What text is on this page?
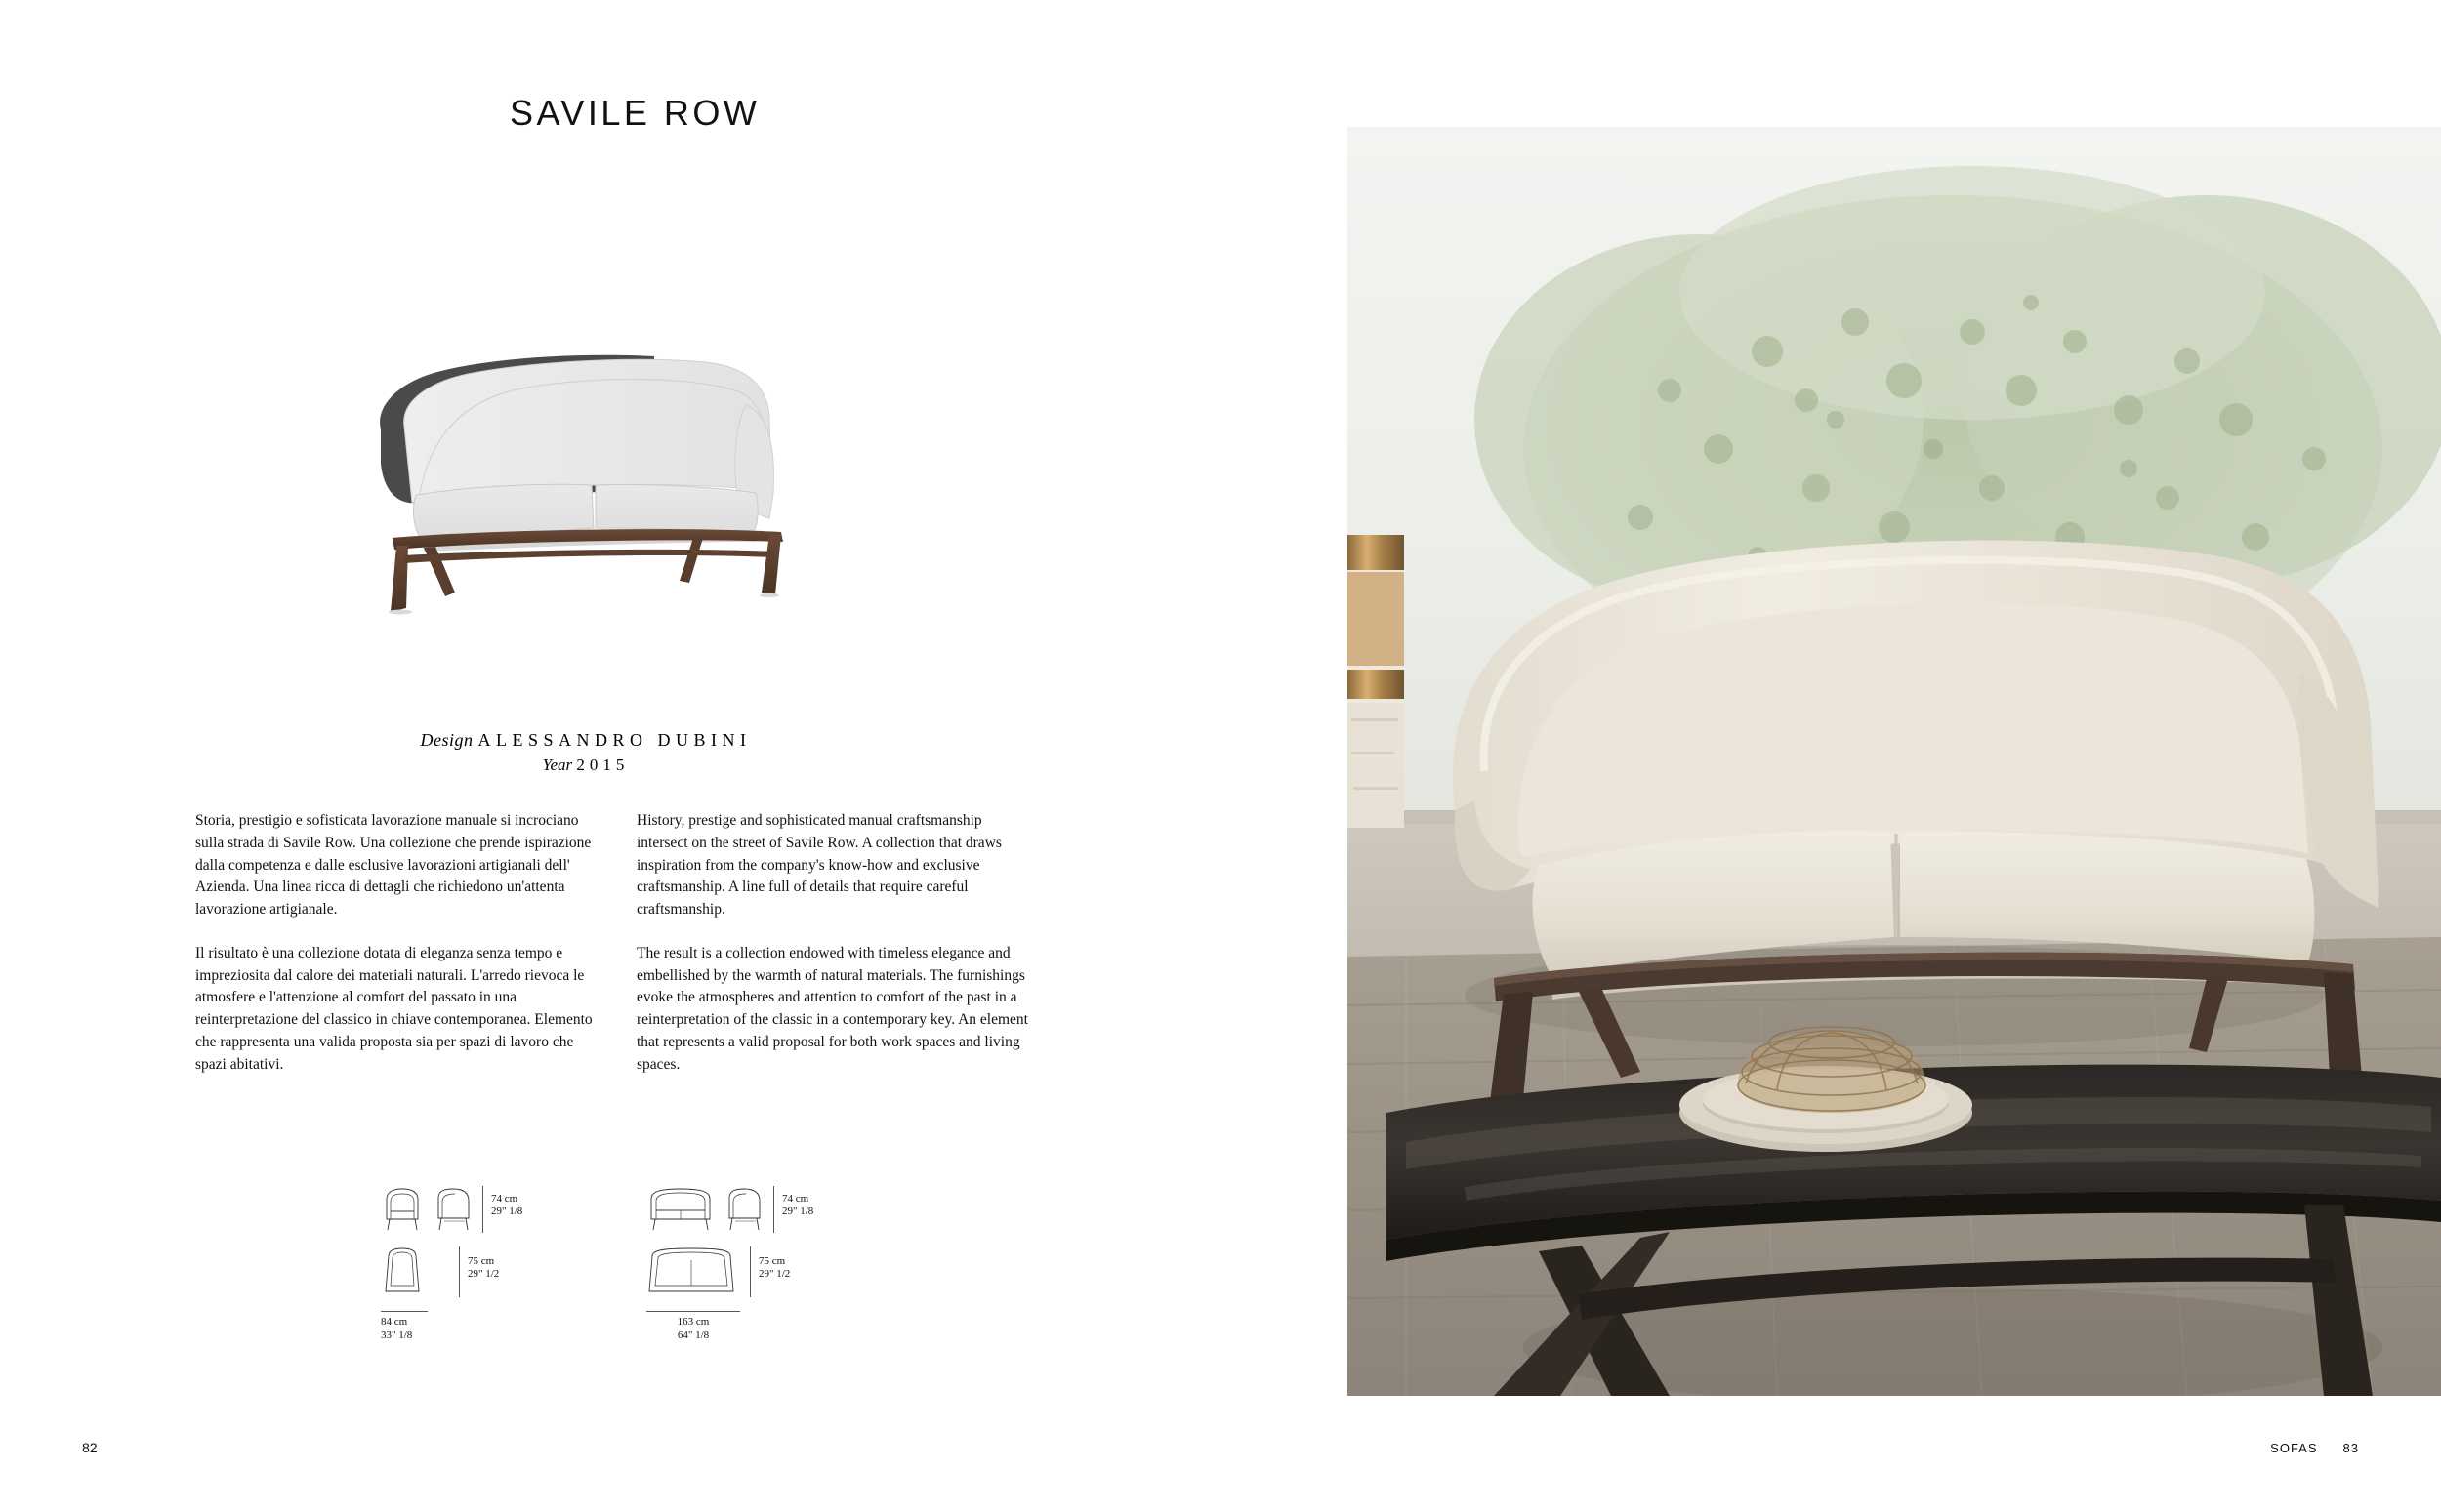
SAVILE ROW
Design ALESSANDRO DUBINI
Year 2015

Storia, prestigio e sofisticata lavorazione manuale si incrociano sulla strada di Savile Row. Una collezione che prende ispirazione dalla competenza e dalle esclusive lavorazioni artigianali dell' Azienda. Una linea ricca di dettagli che richiedono un'attenta lavorazione artigianale.

Il risultato è una collezione dotata di eleganza senza tempo e impreziosita dal calore dei materiali naturali. L'arredo rievoca le atmosfere e l'attenzione al comfort del passato in una reinterpretazione del classico in chiave contemporanea. Elemento che rappresenta una valida proposta sia per spazi di lavoro che spazi abitativi.

History, prestige and sophisticated manual craftsmanship intersect on the street of Savile Row. A collection that draws inspiration from the company's know-how and exclusive craftsmanship. A line full of details that require careful craftsmanship.

The result is a collection endowed with timeless elegance and embellished by the warmth of natural materials. The furnishings evoke the atmospheres and attention to comfort of the past in a reinterpretation of the classic in a contemporary key. An element that represents a valid proposal for both work spaces and living spaces.

74 cm
29" 1/8
75 cm
29" 1/2
84 cm
33" 1/8
74 cm
29" 1/8
75 cm
29" 1/2
163 cm
64" 1/8
82	SOFAS 83
